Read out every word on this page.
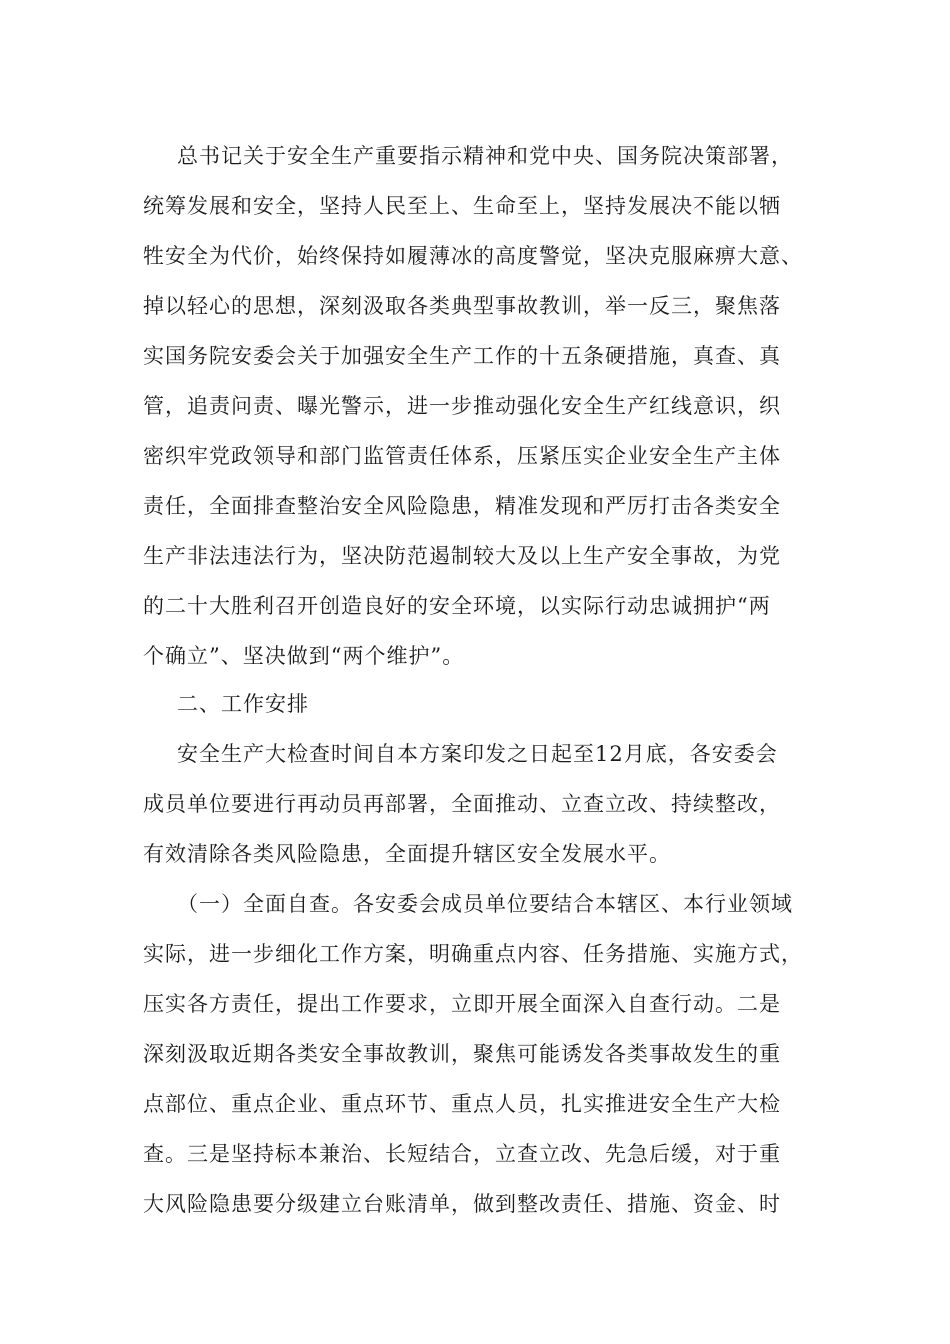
总书记关于安全生产重要指示精神和党中央、国务院决策部署，
统筹发展和安全，坚持人民至上、生命至上，坚持发展决不能以牺
牲安全为代价，始终保持如履薄冰的高度警觉，坚决克服麻痹大意、
掉以轻心的思想，深刻汲取各类典型事故教训，举一反三，聚焦落
实国务院安委会关于加强安全生产工作的十五条硬措施，真查、真
管，追责问责、曝光警示，进一步推动强化安全生产红线意识，织
密织牢党政领导和部门监管责任体系，压紧压实企业安全生产主体
责任，全面排查整治安全风险隐患，精准发现和严厉打击各类安全
生产非法违法行为，坚决防范遏制较大及以上生产安全事故，为党
的二十大胜利召开创造良好的安全环境，以实际行动忠诚拥护“两
个确立”、坚决做到“两个维护”。
二、工作安排
安全生产大检查时间自本方案印发之日起至12月底，各安委会
成员单位要进行再动员再部署，全面推动、立查立改、持续整改，
有效清除各类风险隐患，全面提升辖区安全发展水平。
（一）全面自查。各安委会成员单位要结合本辖区、本行业领域
实际，进一步细化工作方案，明确重点内容、任务措施、实施方式，
压实各方责任，提出工作要求，立即开展全面深入自查行动。二是
深刻汲取近期各类安全事故教训，聚焦可能诱发各类事故发生的重
点部位、重点企业、重点环节、重点人员，扎实推进安全生产大检
查。三是坚持标本兼治、长短结合，立查立改、先急后缓，对于重
大风险隐患要分级建立台账清单，做到整改责任、措施、资金、时
